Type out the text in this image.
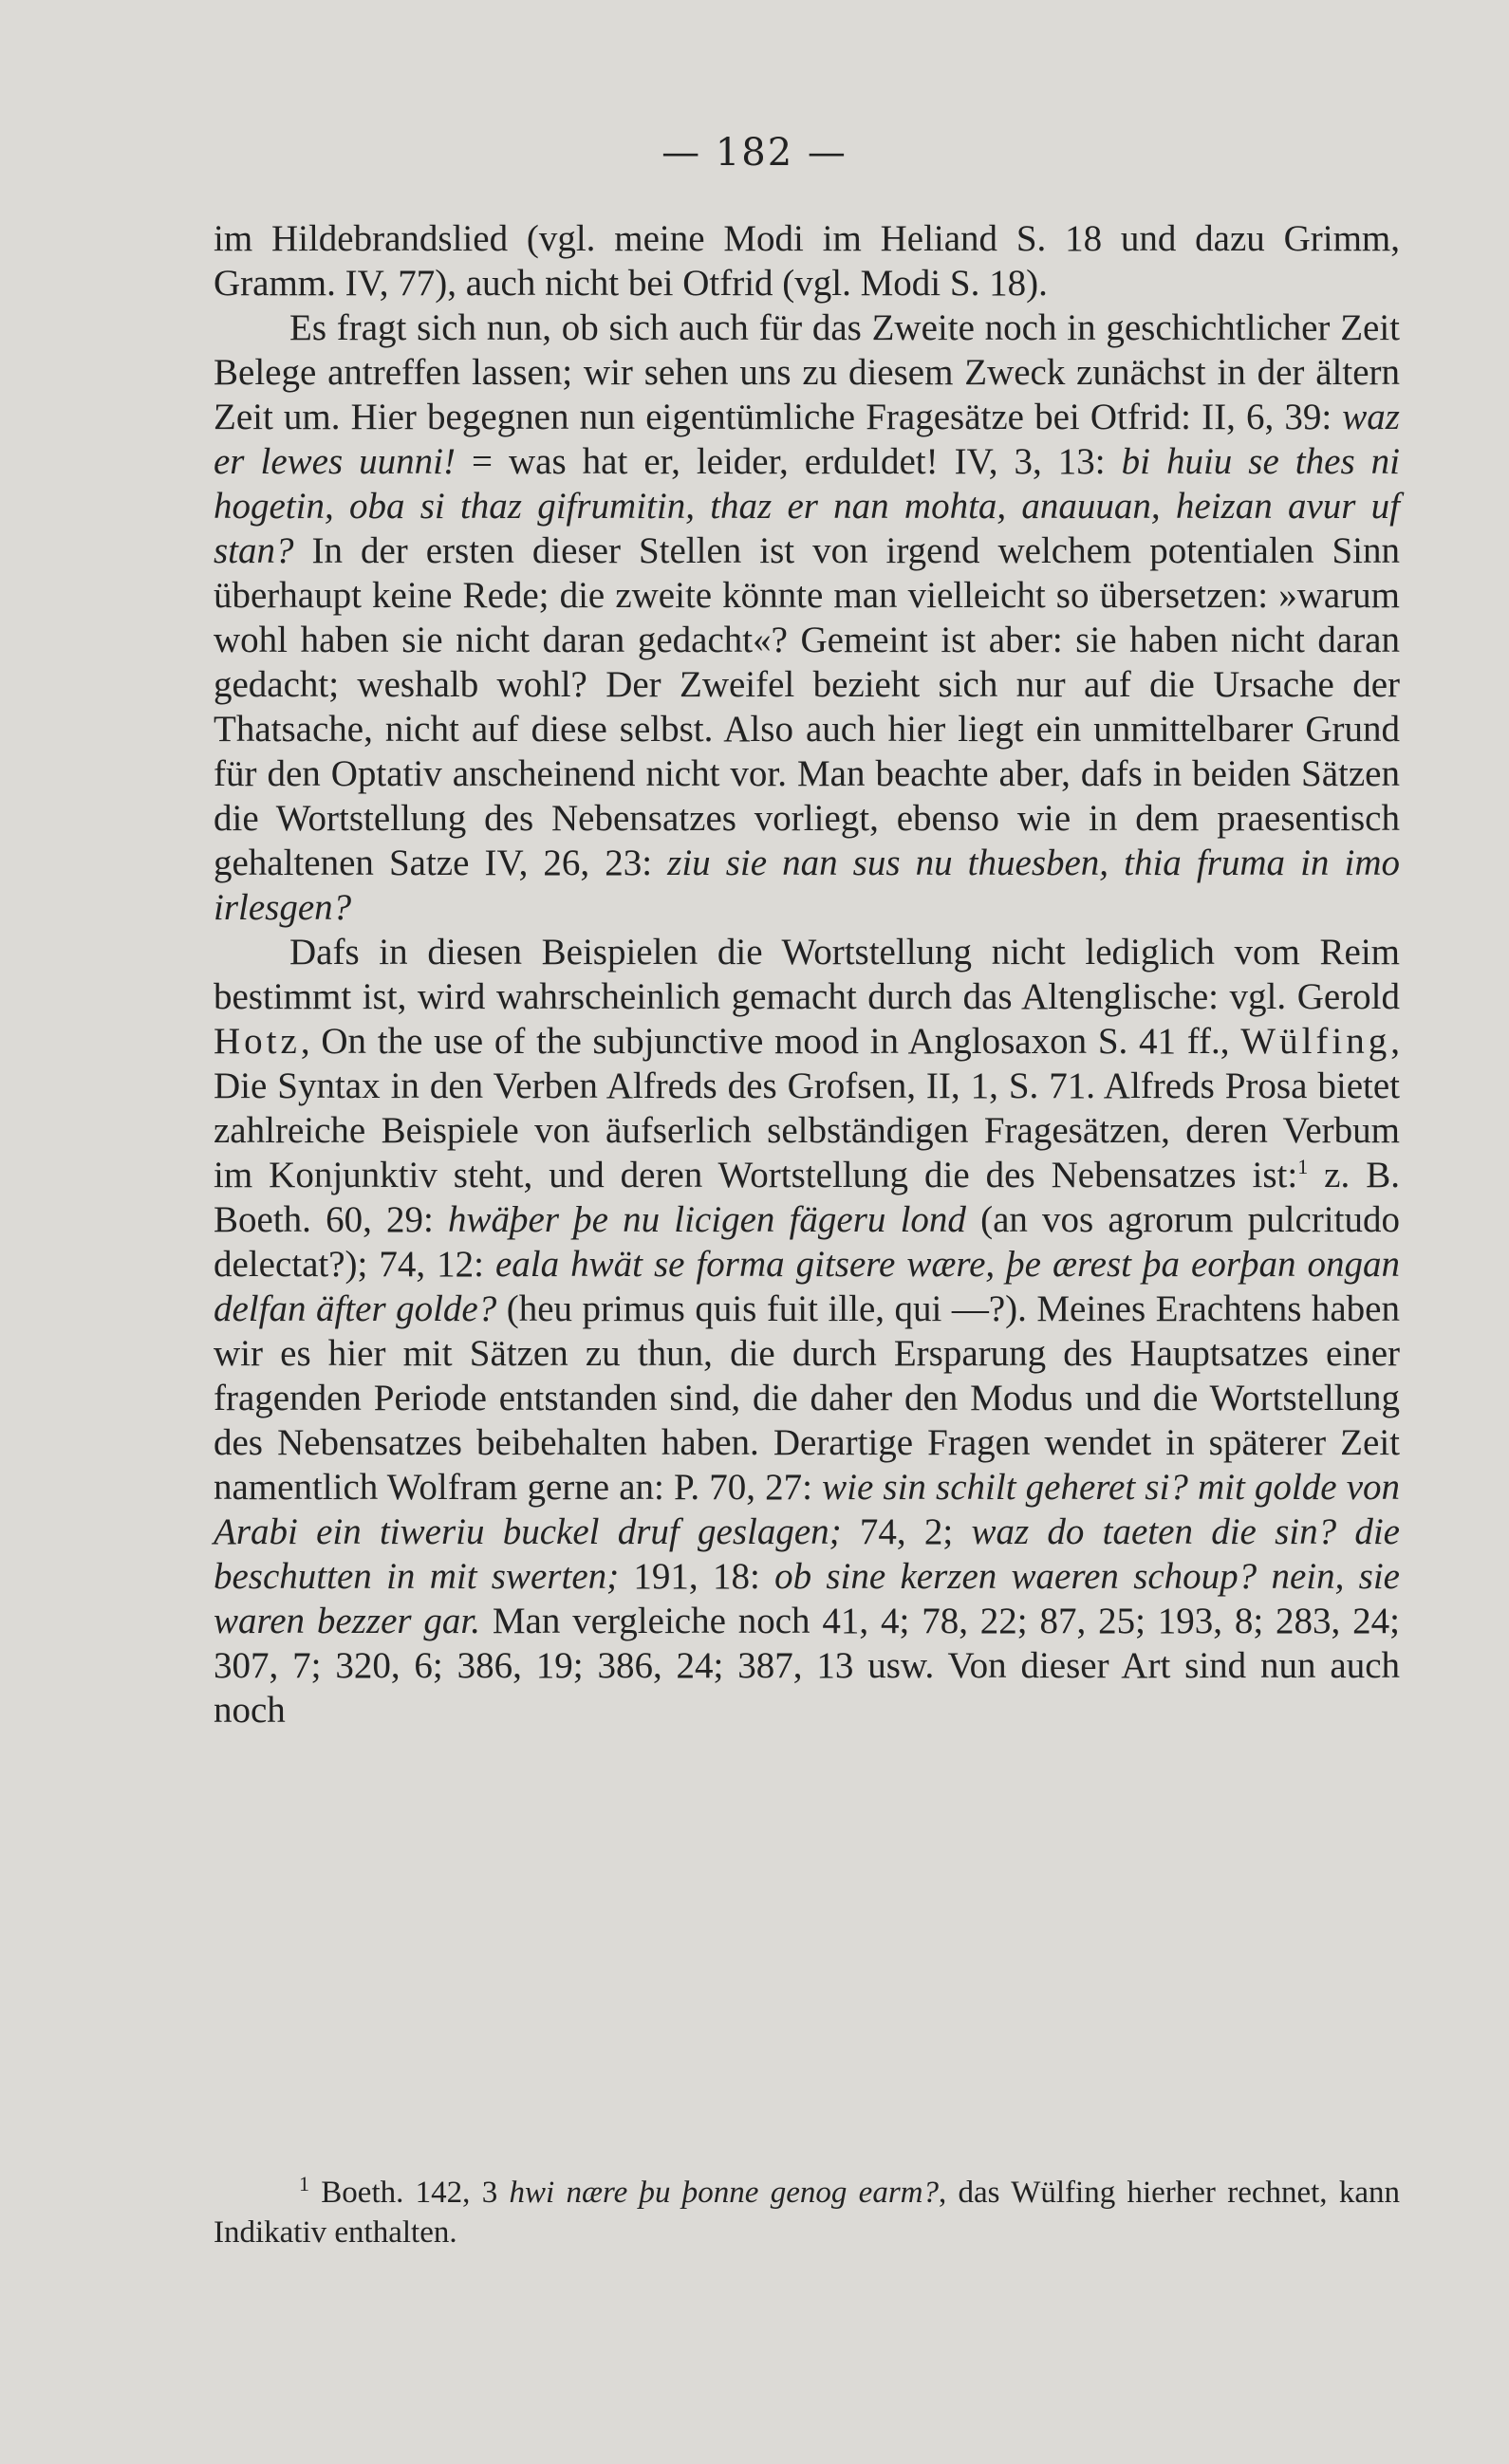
— 182 —

im Hildebrandslied (vgl. meine Modi im Heliand S. 18 und dazu Grimm, Gramm. IV, 77), auch nicht bei Otfrid (vgl. Modi S. 18).

Es fragt sich nun, ob sich auch für das Zweite noch in geschichtlicher Zeit Belege antreffen lassen; wir sehen uns zu diesem Zweck zunächst in der ältern Zeit um. Hier begegnen nun eigentümliche Fragesätze bei Otfrid: II, 6, 39: waz er lewes uunni! = was hat er, leider, erduldet! IV, 3, 13: bi huiu se thes ni hogetin, oba si thaz gifrumitin, thaz er nan mohta, anauuan, heizan avur uf stan? In der ersten dieser Stellen ist von irgend welchem potentialen Sinn überhaupt keine Rede; die zweite könnte man vielleicht so übersetzen: »warum wohl haben sie nicht daran gedacht«? Gemeint ist aber: sie haben nicht daran gedacht; weshalb wohl? Der Zweifel bezieht sich nur auf die Ursache der Thatsache, nicht auf diese selbst. Also auch hier liegt ein unmittelbarer Grund für den Optativ anscheinend nicht vor. Man beachte aber, dafs in beiden Sätzen die Wortstellung des Nebensatzes vorliegt, ebenso wie in dem praesentisch gehaltenen Satze IV, 26, 23: ziu sie nan sus nu thuesben, thia fruma in imo irlesgen?

Dafs in diesen Beispielen die Wortstellung nicht lediglich vom Reim bestimmt ist, wird wahrscheinlich gemacht durch das Altenglische: vgl. Gerold Hotz, On the use of the subjunctive mood in Anglosaxon S. 41 ff., Wülfing, Die Syntax in den Verben Alfreds des Grofsen, II, 1, S. 71. Alfreds Prosa bietet zahlreiche Beispiele von äufserlich selbständigen Fragesätzen, deren Verbum im Konjunktiv steht, und deren Wortstellung die des Nebensatzes ist:$^1$ z. B. Boeth. 60, 29: hwäþer þe nu licigen fägeru lond (an vos agrorum pulcritudo delectat?); 74, 12: eala hwät se forma gitsere wære, þe ærest þa eorþan ongan delfan äfter golde? (heu primus quis fuit ille, qui —?). Meines Erachtens haben wir es hier mit Sätzen zu thun, die durch Ersparung des Hauptsatzes einer fragenden Periode entstanden sind, die daher den Modus und die Wortstellung des Nebensatzes beibehalten haben. Derartige Fragen wendet in späterer Zeit namentlich Wolfram gerne an: P. 70, 27: wie sin schilt geheret si? mit golde von Arabi ein tiweriu buckel druf geslagen; 74, 2; waz do taeten die sin? die beschutten in mit swerten; 191, 18: ob sine kerzen waeren schoup? nein, sie waren bezzer gar. Man vergleiche noch 41, 4; 78, 22; 87, 25; 193, 8; 283, 24; 307, 7; 320, 6; 386, 19; 386, 24; 387, 13 usw. Von dieser Art sind nun auch noch

$^1$ Boeth. 142, 3 hwi nære þu þonne genog earm?, das Wülfing hierher rechnet, kann Indikativ enthalten.
